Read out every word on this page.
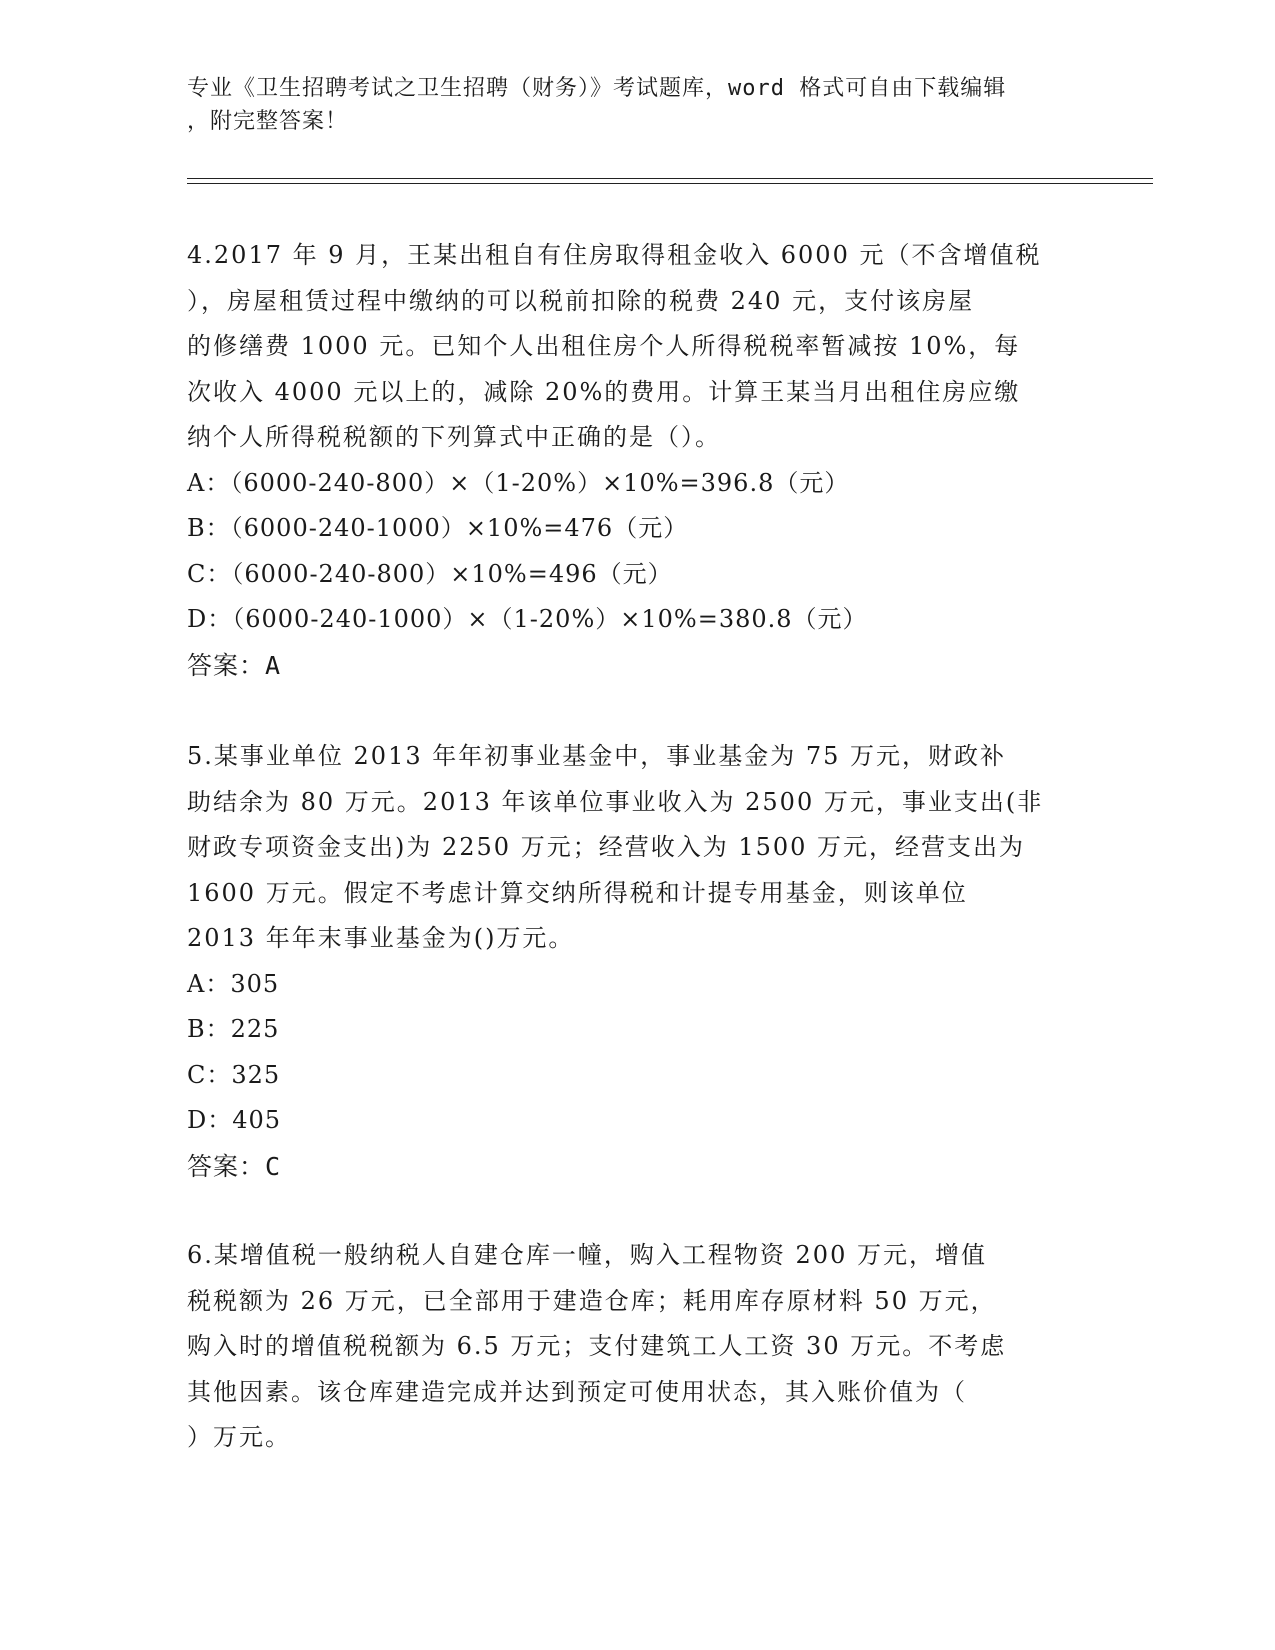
专业《卫生招聘考试之卫生招聘（财务）》考试题库，word 格式可自由下载编辑
，附完整答案！
4.2017 年 9 月，王某出租自有住房取得租金收入 6000 元（不含增值税
），房屋租赁过程中缴纳的可以税前扣除的税费 240 元，支付该房屋
的修缮费 1000 元。已知个人出租住房个人所得税税率暂减按 10%，每
次收入 4000 元以上的，减除 20%的费用。计算王某当月出租住房应缴
纳个人所得税税额的下列算式中正确的是（）。
A：（6000-240-800）×（1-20%）×10%=396.8（元）
B：（6000-240-1000）×10%=476（元）
C：（6000-240-800）×10%=496（元）
D：（6000-240-1000）×（1-20%）×10%=380.8（元）
答案：A
5.某事业单位 2013 年年初事业基金中，事业基金为 75 万元，财政补
助结余为 80 万元。2013 年该单位事业收入为 2500 万元，事业支出(非
财政专项资金支出)为 2250 万元；经营收入为 1500 万元，经营支出为
1600 万元。假定不考虑计算交纳所得税和计提专用基金，则该单位
2013 年年末事业基金为()万元。
A：305
B：225
C：325
D：405
答案：C
6.某增值税一般纳税人自建仓库一幢，购入工程物资 200 万元，增值
税税额为 26 万元，已全部用于建造仓库；耗用库存原材料 50 万元，
购入时的增值税税额为 6.5 万元；支付建筑工人工资 30 万元。不考虑
其他因素。该仓库建造完成并达到预定可使用状态，其入账价值为（
）万元。
